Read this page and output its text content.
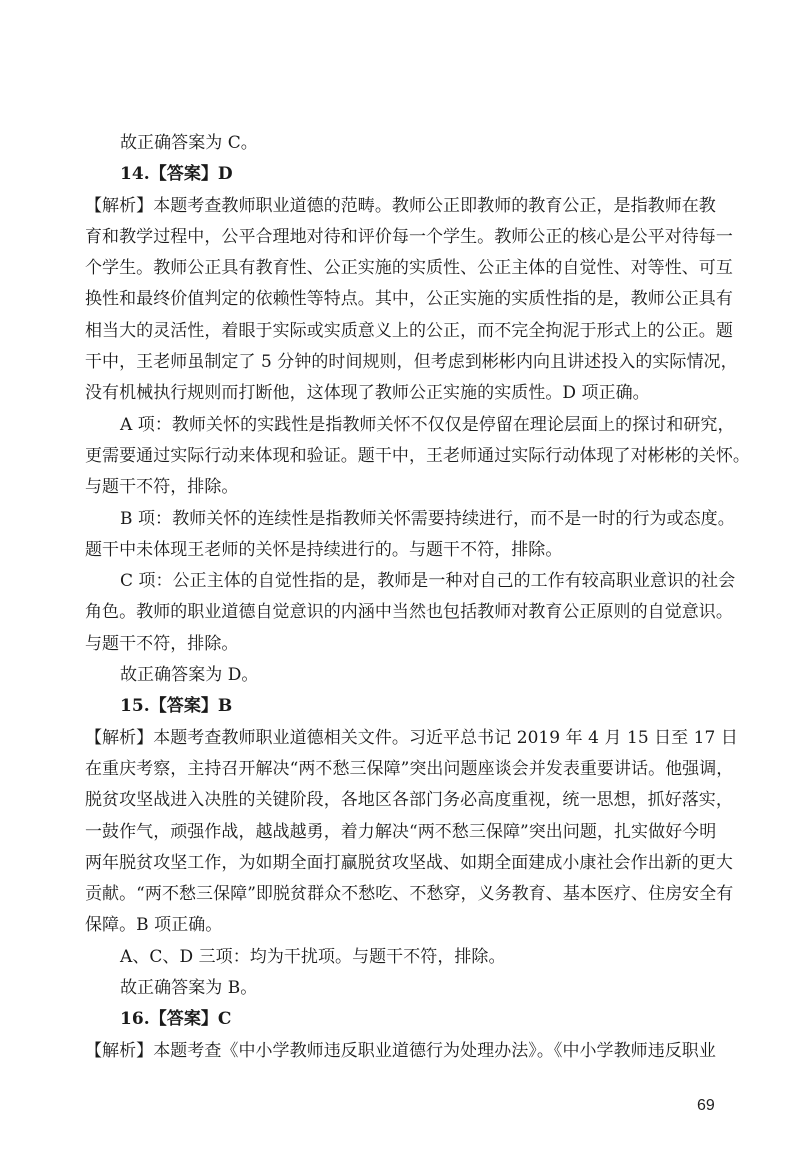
故正确答案为 C。
14.【答案】D
【解析】本题考查教师职业道德的范畴。教师公正即教师的教育公正，是指教师在教
育和教学过程中，公平合理地对待和评价每一个学生。教师公正的核心是公平对待每一
个学生。教师公正具有教育性、公正实施的实质性、公正主体的自觉性、对等性、可互
换性和最终价值判定的依赖性等特点。其中，公正实施的实质性指的是，教师公正具有
相当大的灵活性，着眼于实际或实质意义上的公正，而不完全拘泥于形式上的公正。题
干中，王老师虽制定了 5 分钟的时间规则，但考虑到彬彬内向且讲述投入的实际情况，
没有机械执行规则而打断他，这体现了教师公正实施的实质性。D 项正确。
A 项：教师关怀的实践性是指教师关怀不仅仅是停留在理论层面上的探讨和研究，
更需要通过实际行动来体现和验证。题干中，王老师通过实际行动体现了对彬彬的关怀。
与题干不符，排除。
B 项：教师关怀的连续性是指教师关怀需要持续进行，而不是一时的行为或态度。
题干中未体现王老师的关怀是持续进行的。与题干不符，排除。
C 项：公正主体的自觉性指的是，教师是一种对自己的工作有较高职业意识的社会
角色。教师的职业道德自觉意识的内涵中当然也包括教师对教育公正原则的自觉意识。
与题干不符，排除。
故正确答案为 D。
15.【答案】B
【解析】本题考查教师职业道德相关文件。习近平总书记 2019 年 4 月 15 日至 17 日
在重庆考察，主持召开解决“两不愁三保障”突出问题座谈会并发表重要讲话。他强调，
脱贫攻坚战进入决胜的关键阶段，各地区各部门务必高度重视，统一思想，抓好落实，
一鼓作气，顽强作战，越战越勇，着力解决“两不愁三保障”突出问题，扎实做好今明
两年脱贫攻坚工作，为如期全面打赢脱贫攻坚战、如期全面建成小康社会作出新的更大
贡献。“两不愁三保障”即脱贫群众不愁吃、不愁穿，义务教育、基本医疗、住房安全有
保障。B 项正确。
A、C、D 三项：均为干扰项。与题干不符，排除。
故正确答案为 B。
16.【答案】C
【解析】本题考查《中小学教师违反职业道德行为处理办法》。《中小学教师违反职业
69
